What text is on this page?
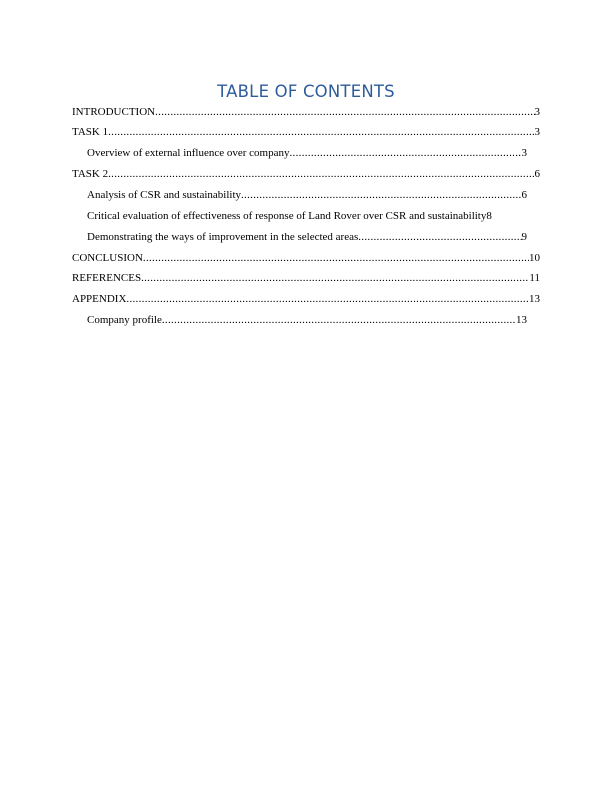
TABLE OF CONTENTS
INTRODUCTION .....	3
TASK 1 .....	3
Overview of external influence over company .....	3
TASK 2 .....	6
Analysis of CSR and sustainability .....	6
Critical evaluation of effectiveness of response of Land Rover over CSR and sustainability 8
Demonstrating the ways of improvement in the selected areas .....	9
CONCLUSION .....	10
REFERENCES .....	11
APPENDIX .....	13
Company profile .....	13
